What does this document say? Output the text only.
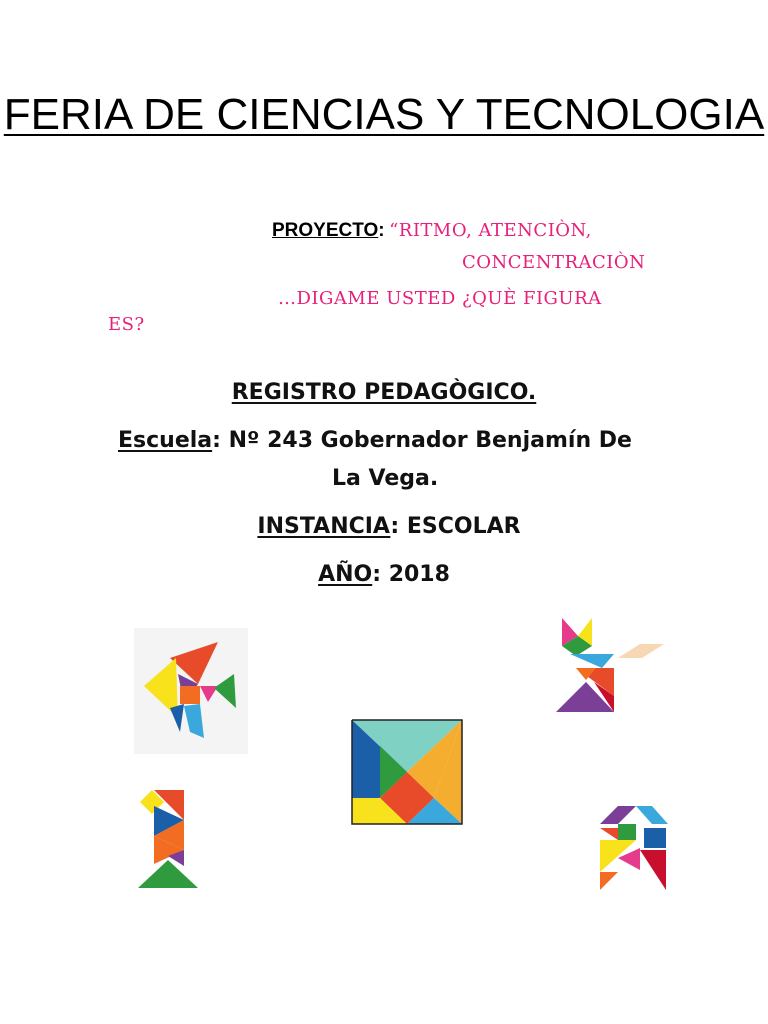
FERIA DE CIENCIAS Y TECNOLOGIA
PROYECTO: “RITMO, ATENCIÒN,
CONCENTRACIÒN
…DIGAME USTED ¿QUÈ FIGURA
ES?
REGISTRO PEDAGÒGICO.
Escuela: Nº 243 Gobernador Benjamín De
La Vega.
INSTANCIA: ESCOLAR
AÑO: 2018
